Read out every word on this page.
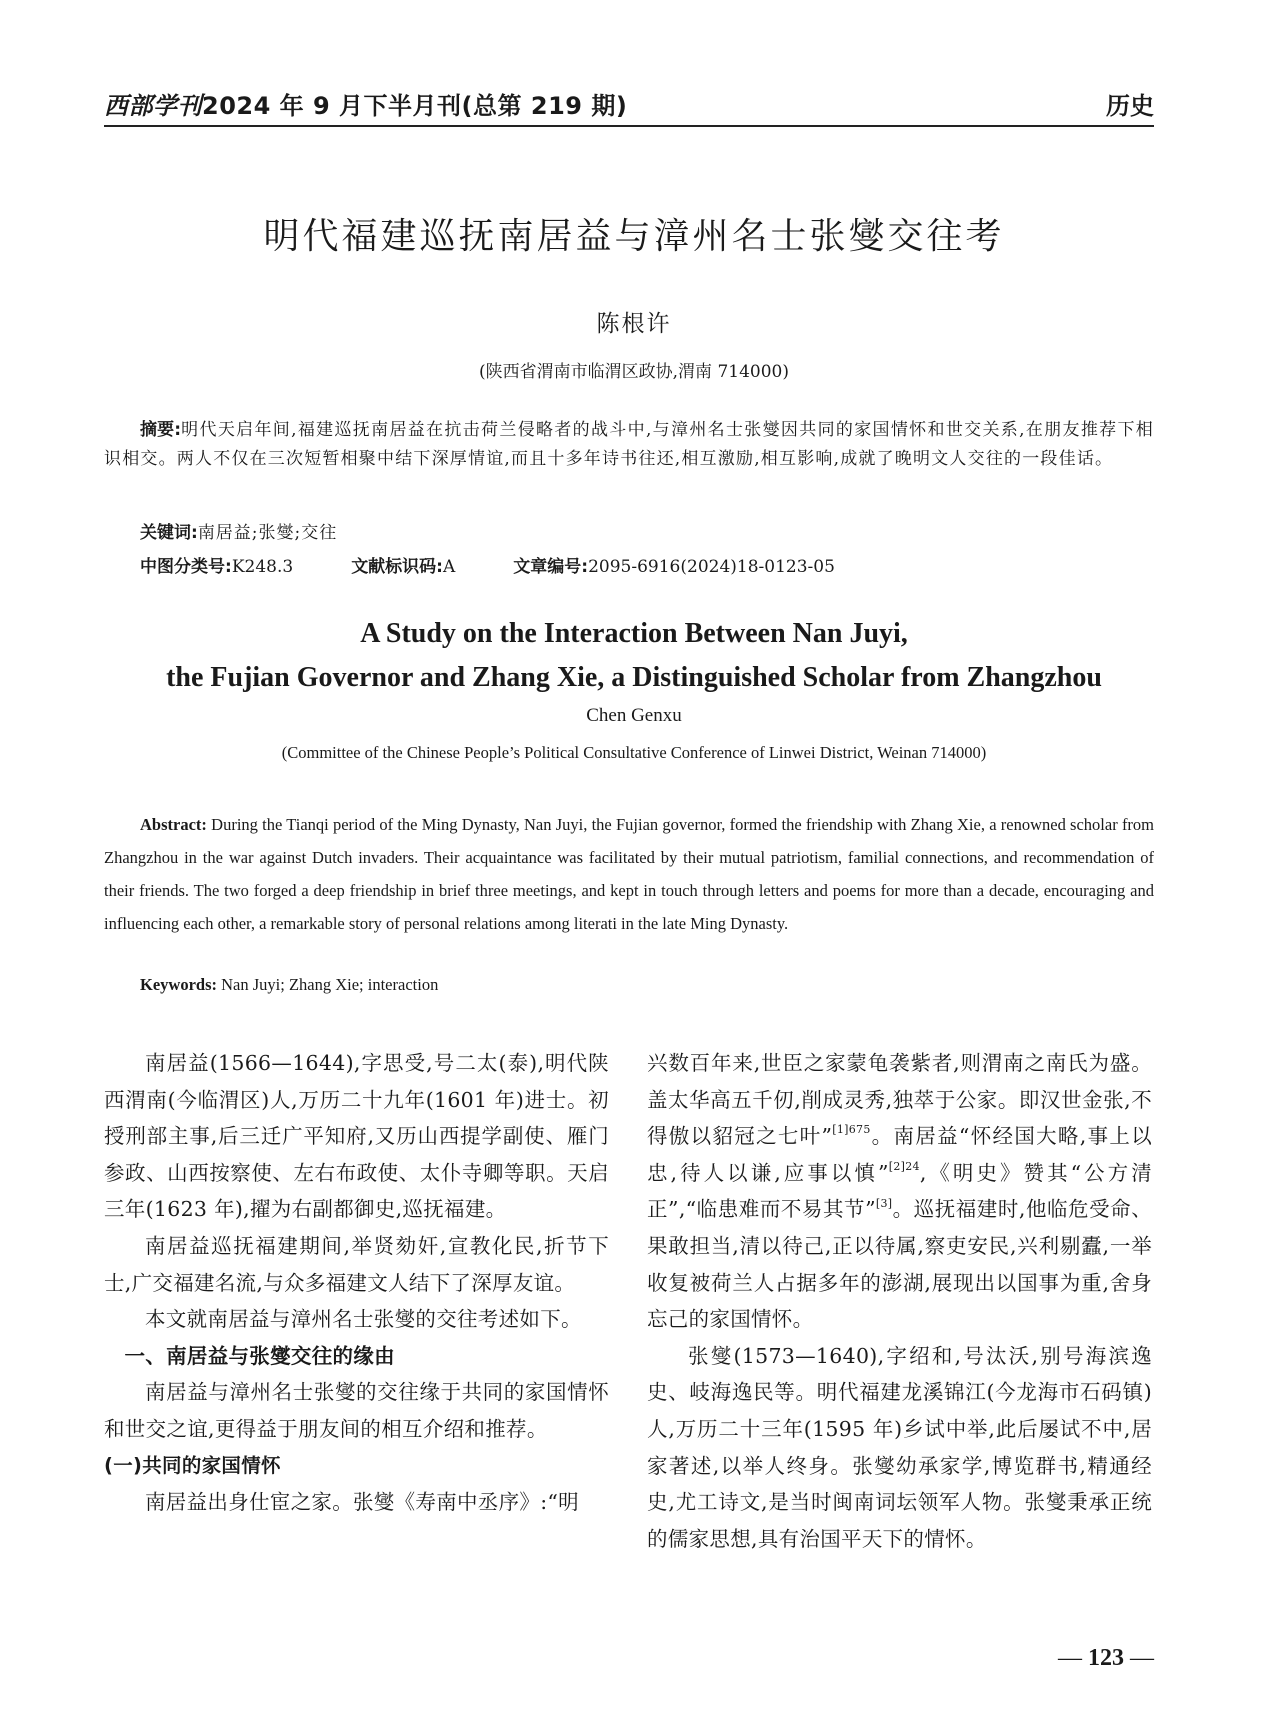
西部学刊2024 年 9 月下半月刊(总第 219 期)	历史
明代福建巡抚南居益与漳州名士张燮交往考
陈根许
(陕西省渭南市临渭区政协,渭南 714000)
摘要:明代天启年间,福建巡抚南居益在抗击荷兰侵略者的战斗中,与漳州名士张燮因共同的家国情怀和世交关系,在朋友推荐下相识相交。两人不仅在三次短暂相聚中结下深厚情谊,而且十多年诗书往还,相互激励,相互影响,成就了晚明文人交往的一段佳话。
关键词:南居益;张燮;交往
中图分类号:K248.3	文献标识码:A	文章编号:2095-6916(2024)18-0123-05
A Study on the Interaction Between Nan Juyi,
the Fujian Governor and Zhang Xie, a Distinguished Scholar from Zhangzhou
Chen Genxu
(Committee of the Chinese People’s Political Consultative Conference of Linwei District, Weinan 714000)
Abstract: During the Tianqi period of the Ming Dynasty, Nan Juyi, the Fujian governor, formed the friendship with Zhang Xie, a renowned scholar from Zhangzhou in the war against Dutch invaders. Their acquaintance was facilitated by their mutual patriotism, familial connections, and recommendation of their friends. The two forged a deep friendship in brief three meetings, and kept in touch through letters and poems for more than a decade, encouraging and influencing each other, a remarkable story of personal relations among literati in the late Ming Dynasty.
Keywords: Nan Juyi; Zhang Xie; interaction

南居益(1566—1644),字思受,号二太(泰),明代陕西渭南(今临渭区)人,万历二十九年(1601 年)进士。初授刑部主事,后三迁广平知府,又历山西提学副使、雁门参政、山西按察使、左右布政使、太仆寺卿等职。天启三年(1623 年),擢为右副都御史,巡抚福建。

南居益巡抚福建期间,举贤劾奸,宣教化民,折节下士,广交福建名流,与众多福建文人结下了深厚友谊。

本文就南居益与漳州名士张燮的交往考述如下。

一、南居益与张燮交往的缘由

南居益与漳州名士张燮的交往缘于共同的家国情怀和世交之谊,更得益于朋友间的相互介绍和推荐。

(一)共同的家国情怀

南居益出身仕宦之家。张燮《寿南中丞序》:“明

兴数百年来,世臣之家蒙龟袭紫者,则渭南之南氏为盛。盖太华高五千仞,削成灵秀,独萃于公家。即汉世金张,不得傲以貂冠之七叶”$^{[1]675}$。南居益“怀经国大略,事上以忠,待人以谦,应事以慎”$^{[2]24}$,《明史》赞其“公方清正”,“临患难而不易其节”[3]。巡抚福建时,他临危受命、果敢担当,清以待己,正以待属,察吏安民,兴利剔蠹,一举收复被荷兰人占据多年的澎湖,展现出以国事为重,舍身忘己的家国情怀。

张燮(1573—1640),字绍和,号汰沃,别号海滨逸史、岐海逸民等。明代福建龙溪锦江(今龙海市石码镇)人,万历二十三年(1595 年)乡试中举,此后屡试不中,居家著述,以举人终身。张燮幼承家学,博览群书,精通经史,尤工诗文,是当时闽南词坛领军人物。张燮秉承正统的儒家思想,具有治国平天下的情怀。

— 123 —
